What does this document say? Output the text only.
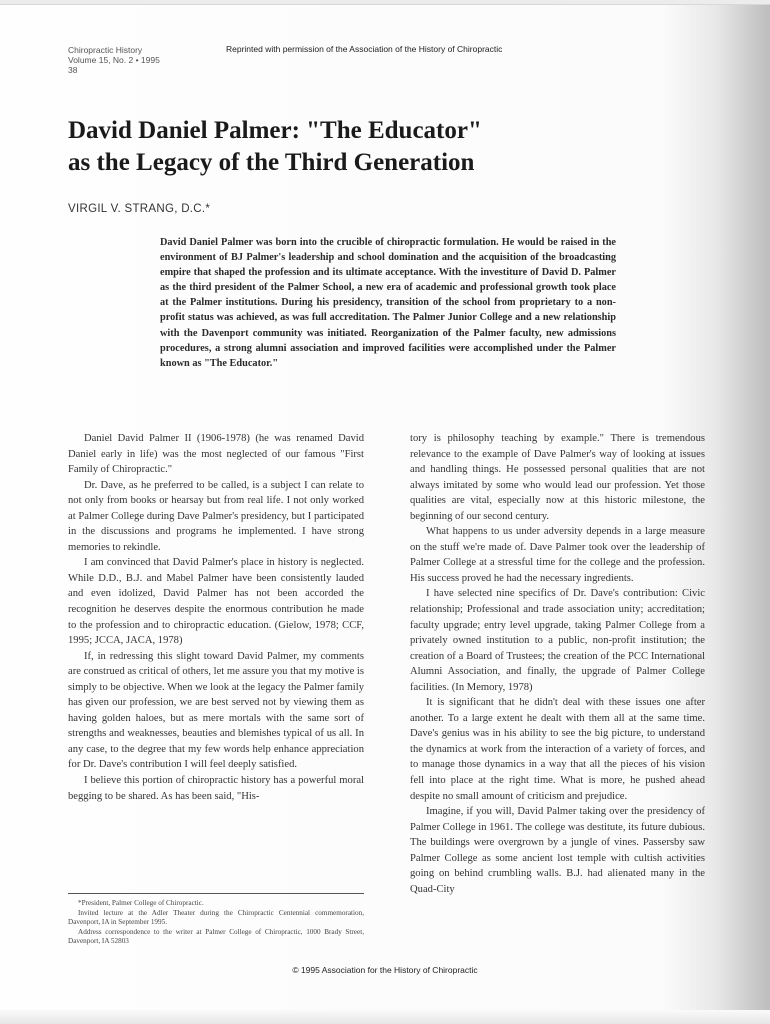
Chiropractic History
Volume 15, No. 2 • 1995
38
Reprinted with permission of the Association of the History of Chiropractic
David Daniel Palmer: "The Educator"
as the Legacy of the Third Generation
VIRGIL V. STRANG, D.C.*

David Daniel Palmer was born into the crucible of chiropractic formulation. He would be raised in the environment of BJ Palmer's leadership and school domination and the acquisition of the broadcasting empire that shaped the profession and its ultimate acceptance. With the investiture of David D. Palmer as the third president of the Palmer School, a new era of academic and professional growth took place at the Palmer institutions. During his presidency, transition of the school from proprietary to a non-profit status was achieved, as was full accreditation. The Palmer Junior College and a new relationship with the Davenport community was initiated. Reorganization of the Palmer faculty, new admissions procedures, a strong alumni association and improved facilities were accomplished under the Palmer known as "The Educator."

Daniel David Palmer II (1906-1978) (he was renamed David Daniel early in life) was the most neglected of our famous "First Family of Chiropractic."

Dr. Dave, as he preferred to be called, is a subject I can relate to not only from books or hearsay but from real life. I not only worked at Palmer College during Dave Palmer's presidency, but I participated in the discussions and programs he implemented. I have strong memories to rekindle.

I am convinced that David Palmer's place in history is neglected. While D.D., B.J. and Mabel Palmer have been consistently lauded and even idolized, David Palmer has not been accorded the recognition he deserves despite the enormous contribution he made to the profession and to chiropractic education. (Gielow, 1978; CCF, 1995; JCCA, JACA, 1978)

If, in redressing this slight toward David Palmer, my comments are construed as critical of others, let me assure you that my motive is simply to be objective. When we look at the legacy the Palmer family has given our profession, we are best served not by viewing them as having golden haloes, but as mere mortals with the same sort of strengths and weaknesses, beauties and blemishes typical of us all. In any case, to the degree that my few words help enhance appreciation for Dr. Dave's contribution I will feel deeply satisfied.

I believe this portion of chiropractic history has a powerful moral begging to be shared. As has been said, "His-

tory is philosophy teaching by example." There is tremendous relevance to the example of Dave Palmer's way of looking at issues and handling things. He possessed personal qualities that are not always imitated by some who would lead our profession. Yet those qualities are vital, especially now at this historic milestone, the beginning of our second century.

What happens to us under adversity depends in a large measure on the stuff we're made of. Dave Palmer took over the leadership of Palmer College at a stressful time for the college and the profession. His success proved he had the necessary ingredients.

I have selected nine specifics of Dr. Dave's contribution: Civic relationship; Professional and trade association unity; accreditation; faculty upgrade; entry level upgrade, taking Palmer College from a privately owned institution to a public, non-profit institution; the creation of a Board of Trustees; the creation of the PCC International Alumni Association, and finally, the upgrade of Palmer College facilities. (In Memory, 1978)

It is significant that he didn't deal with these issues one after another. To a large extent he dealt with them all at the same time. Dave's genius was in his ability to see the big picture, to understand the dynamics at work from the interaction of a variety of forces, and to manage those dynamics in a way that all the pieces of his vision fell into place at the right time. What is more, he pushed ahead despite no small amount of criticism and prejudice.

Imagine, if you will, David Palmer taking over the presidency of Palmer College in 1961. The college was destitute, its future dubious. The buildings were overgrown by a jungle of vines. Passersby saw Palmer College as some ancient lost temple with cultish activities going on behind crumbling walls. B.J. had alienated many in the Quad-City

*President, Palmer College of Chiropractic.

Invited lecture at the Adler Theater during the Chiropractic Centennial commemoration, Davenport, IA in September 1995.

Address correspondence to the writer at Palmer College of Chiropractic, 1000 Brady Street, Davenport, IA 52803

© 1995 Association for the History of Chiropractic
